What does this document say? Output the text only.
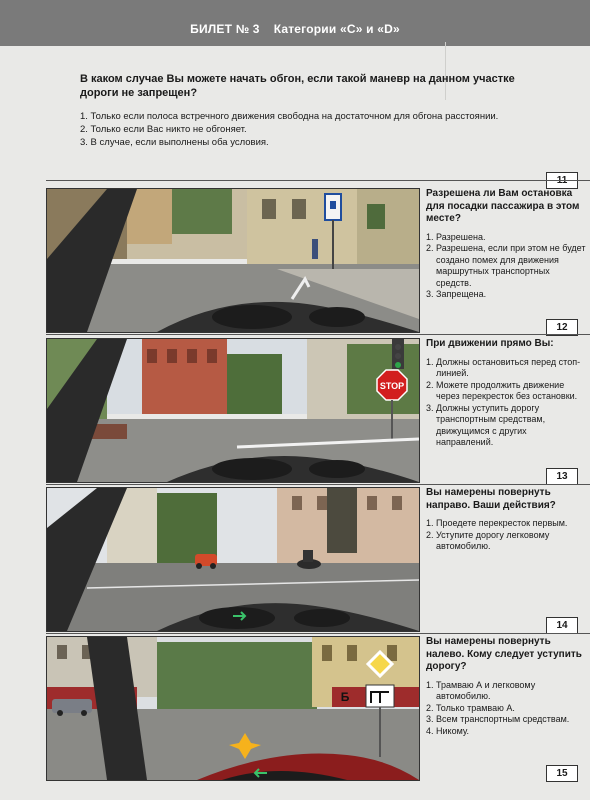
БИЛЕТ № 3 Категории «С» и «D»
В каком случае Вы можете начать обгон, если такой маневр на данном участке дороги не запрещен?
1. Только если полоса встречного движения свободна на достаточном для обгона расстоянии.
2. Только если Вас никто не обгоняет.
3. В случае, если выполнены оба условия.
Разрешена ли Вам остановка для посадки пассажира в этом месте?
1. Разрешена.
2. Разрешена, если при этом не будет создано помех для движения маршрутных транспортных средств.
3. Запрещена.
12
STOP
При движении прямо Вы:
1. Должны остановиться перед стоп-линией.
2. Можете продолжить движение через перекресток без остановки.
3. Должны уступить дорогу транспортным средствам, движущимся с других направлений.
13
Вы намерены повернуть направо. Ваши действия?
1. Проедете перекресток первым.
2. Уступите дорогу легковому автомобилю.
14
Б
Вы намерены повернуть налево. Кому следует уступить дорогу?
1. Трамваю А и легковому автомобилю.
2. Только трамваю А.
3. Всем транспортным средствам.
4. Никому.
15
